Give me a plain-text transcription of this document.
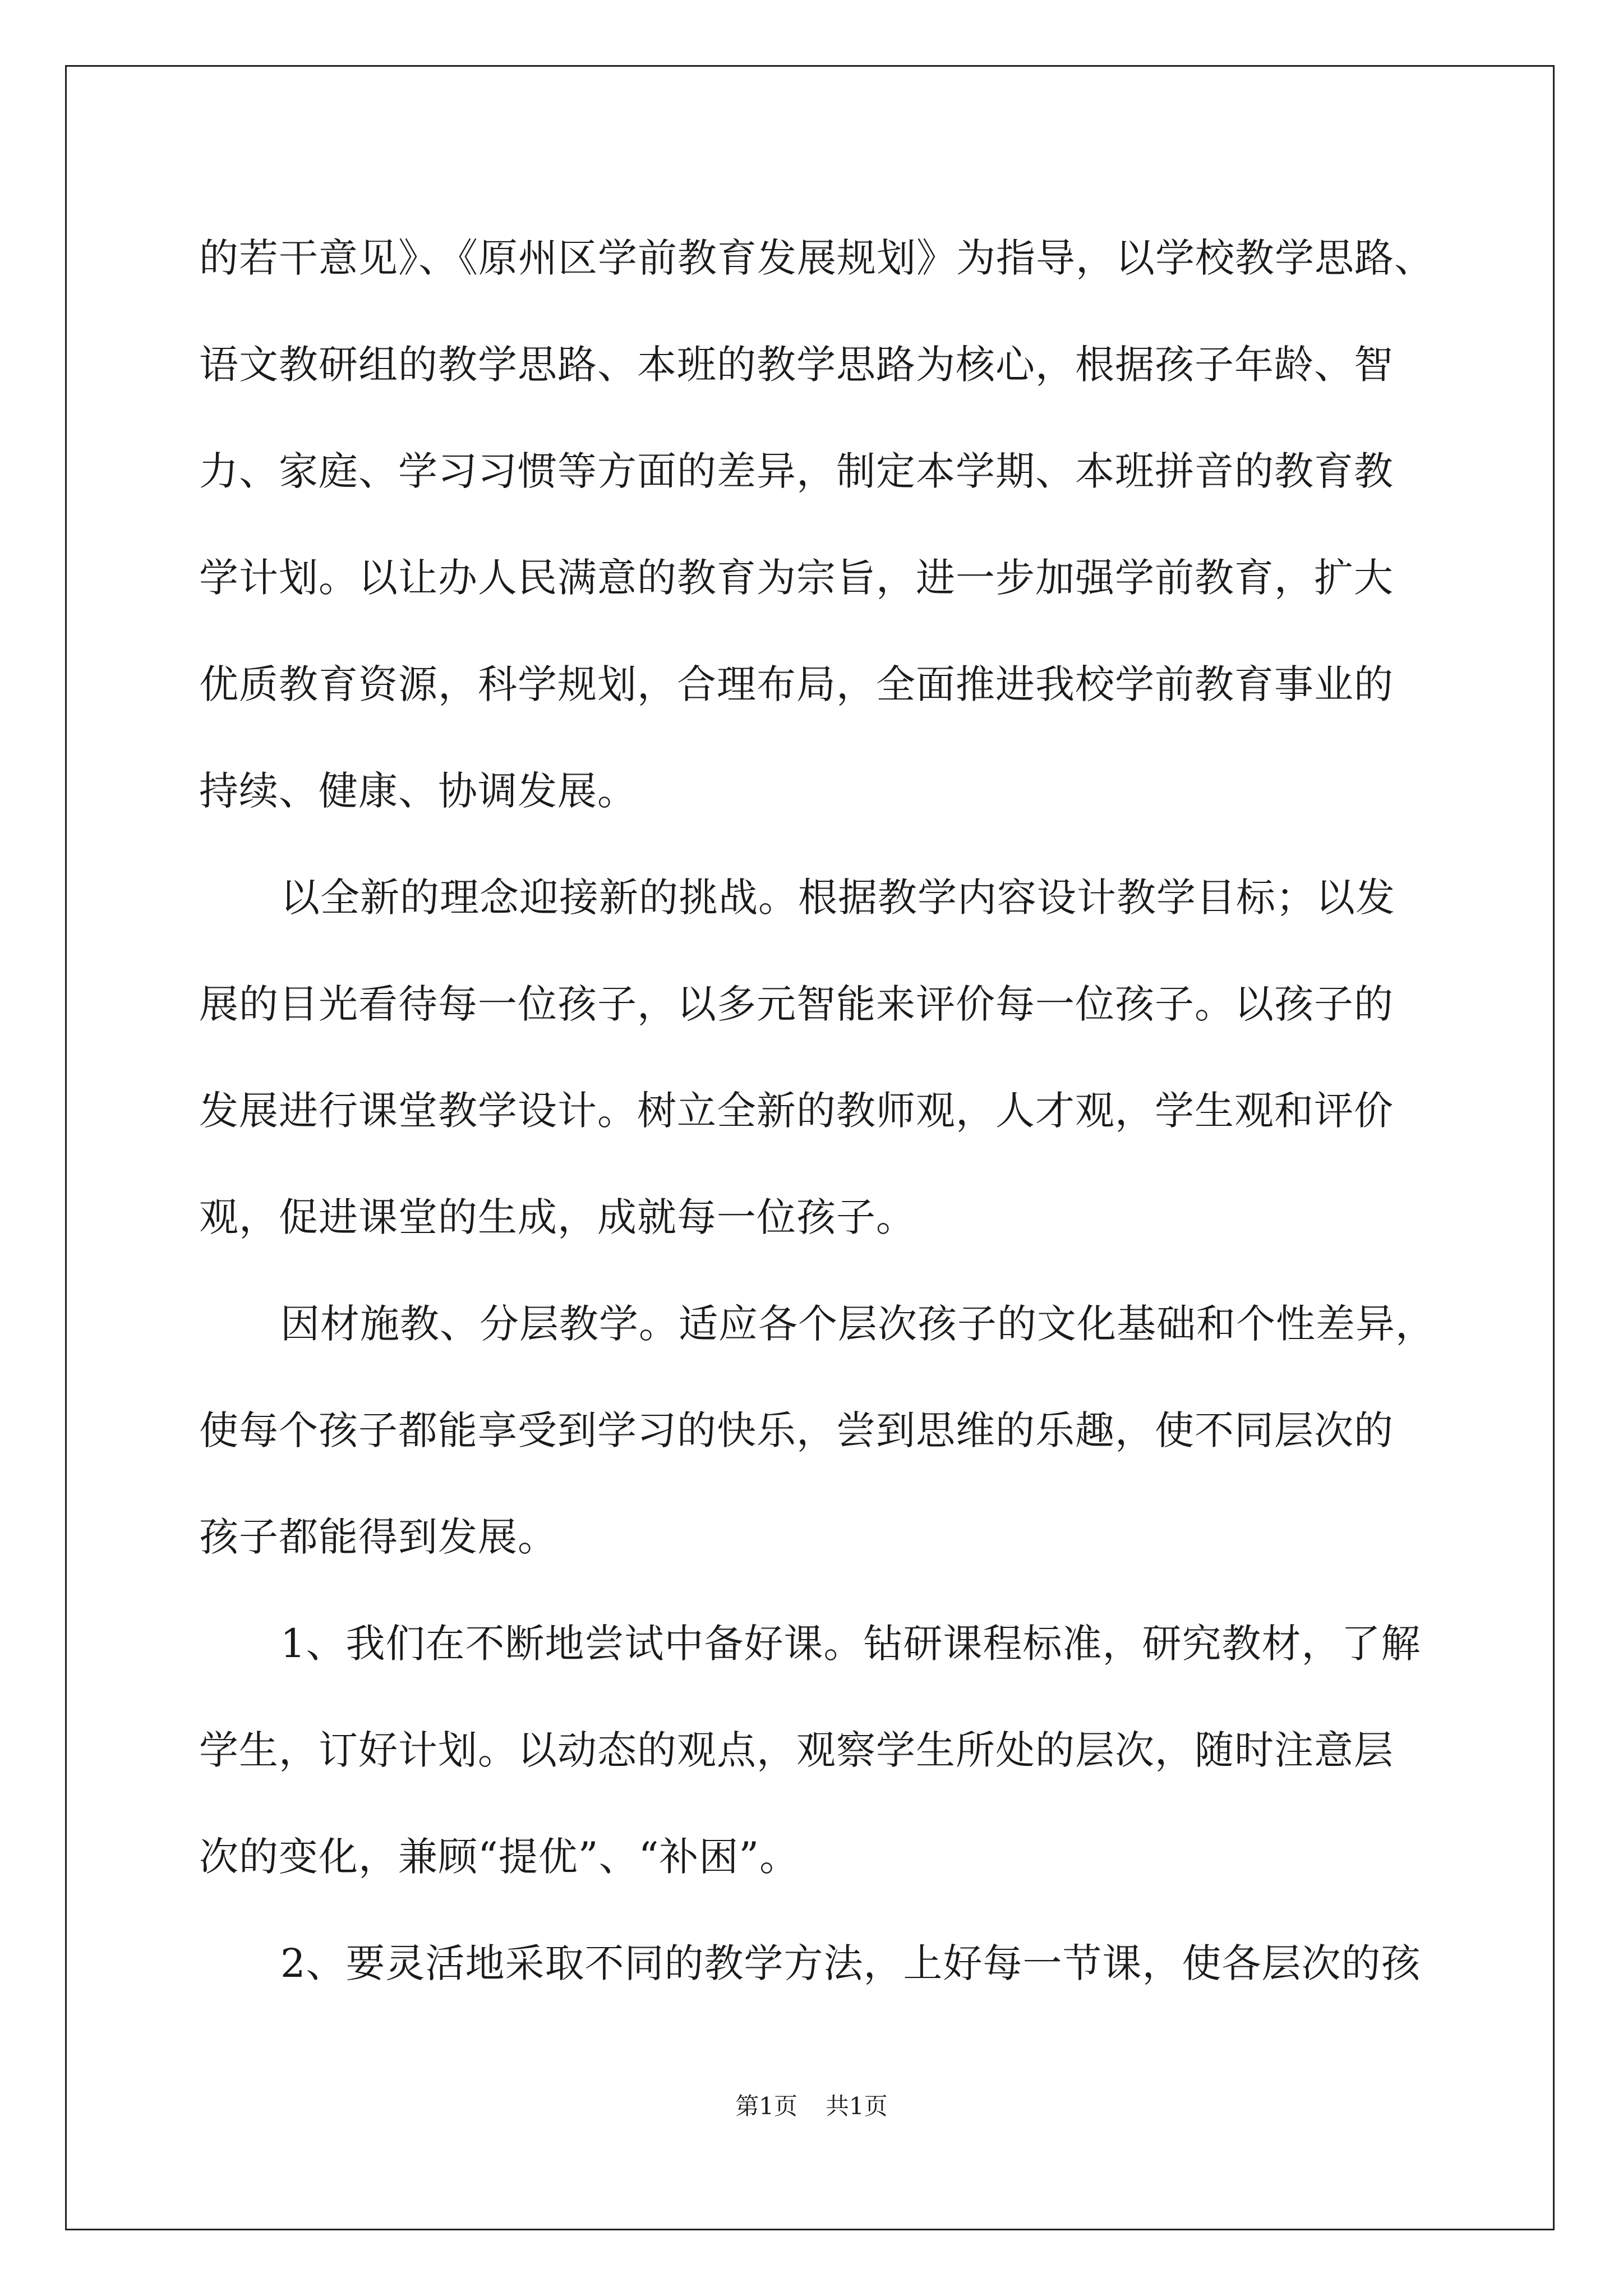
的若干意见》、《原州区学前教育发展规划》为指导，以学校教学思路、
语文教研组的教学思路、本班的教学思路为核心，根据孩子年龄、智
力、家庭、学习习惯等方面的差异，制定本学期、本班拼音的教育教
学计划。以让办人民满意的教育为宗旨，进一步加强学前教育，扩大
优质教育资源，科学规划，合理布局，全面推进我校学前教育事业的
持续、健康、协调发展。
以全新的理念迎接新的挑战。根据教学内容设计教学目标；以发
展的目光看待每一位孩子，以多元智能来评价每一位孩子。以孩子的
发展进行课堂教学设计。树立全新的教师观，人才观，学生观和评价
观，促进课堂的生成，成就每一位孩子。
因材施教、分层教学。适应各个层次孩子的文化基础和个性差异，
使每个孩子都能享受到学习的快乐，尝到思维的乐趣，使不同层次的
孩子都能得到发展。
1、我们在不断地尝试中备好课。钻研课程标准，研究教材，了解
学生，订好计划。以动态的观点，观察学生所处的层次，随时注意层
次的变化，兼顾“提优”、“补困”。
2、要灵活地采取不同的教学方法，上好每一节课，使各层次的孩
第1页 共1页
